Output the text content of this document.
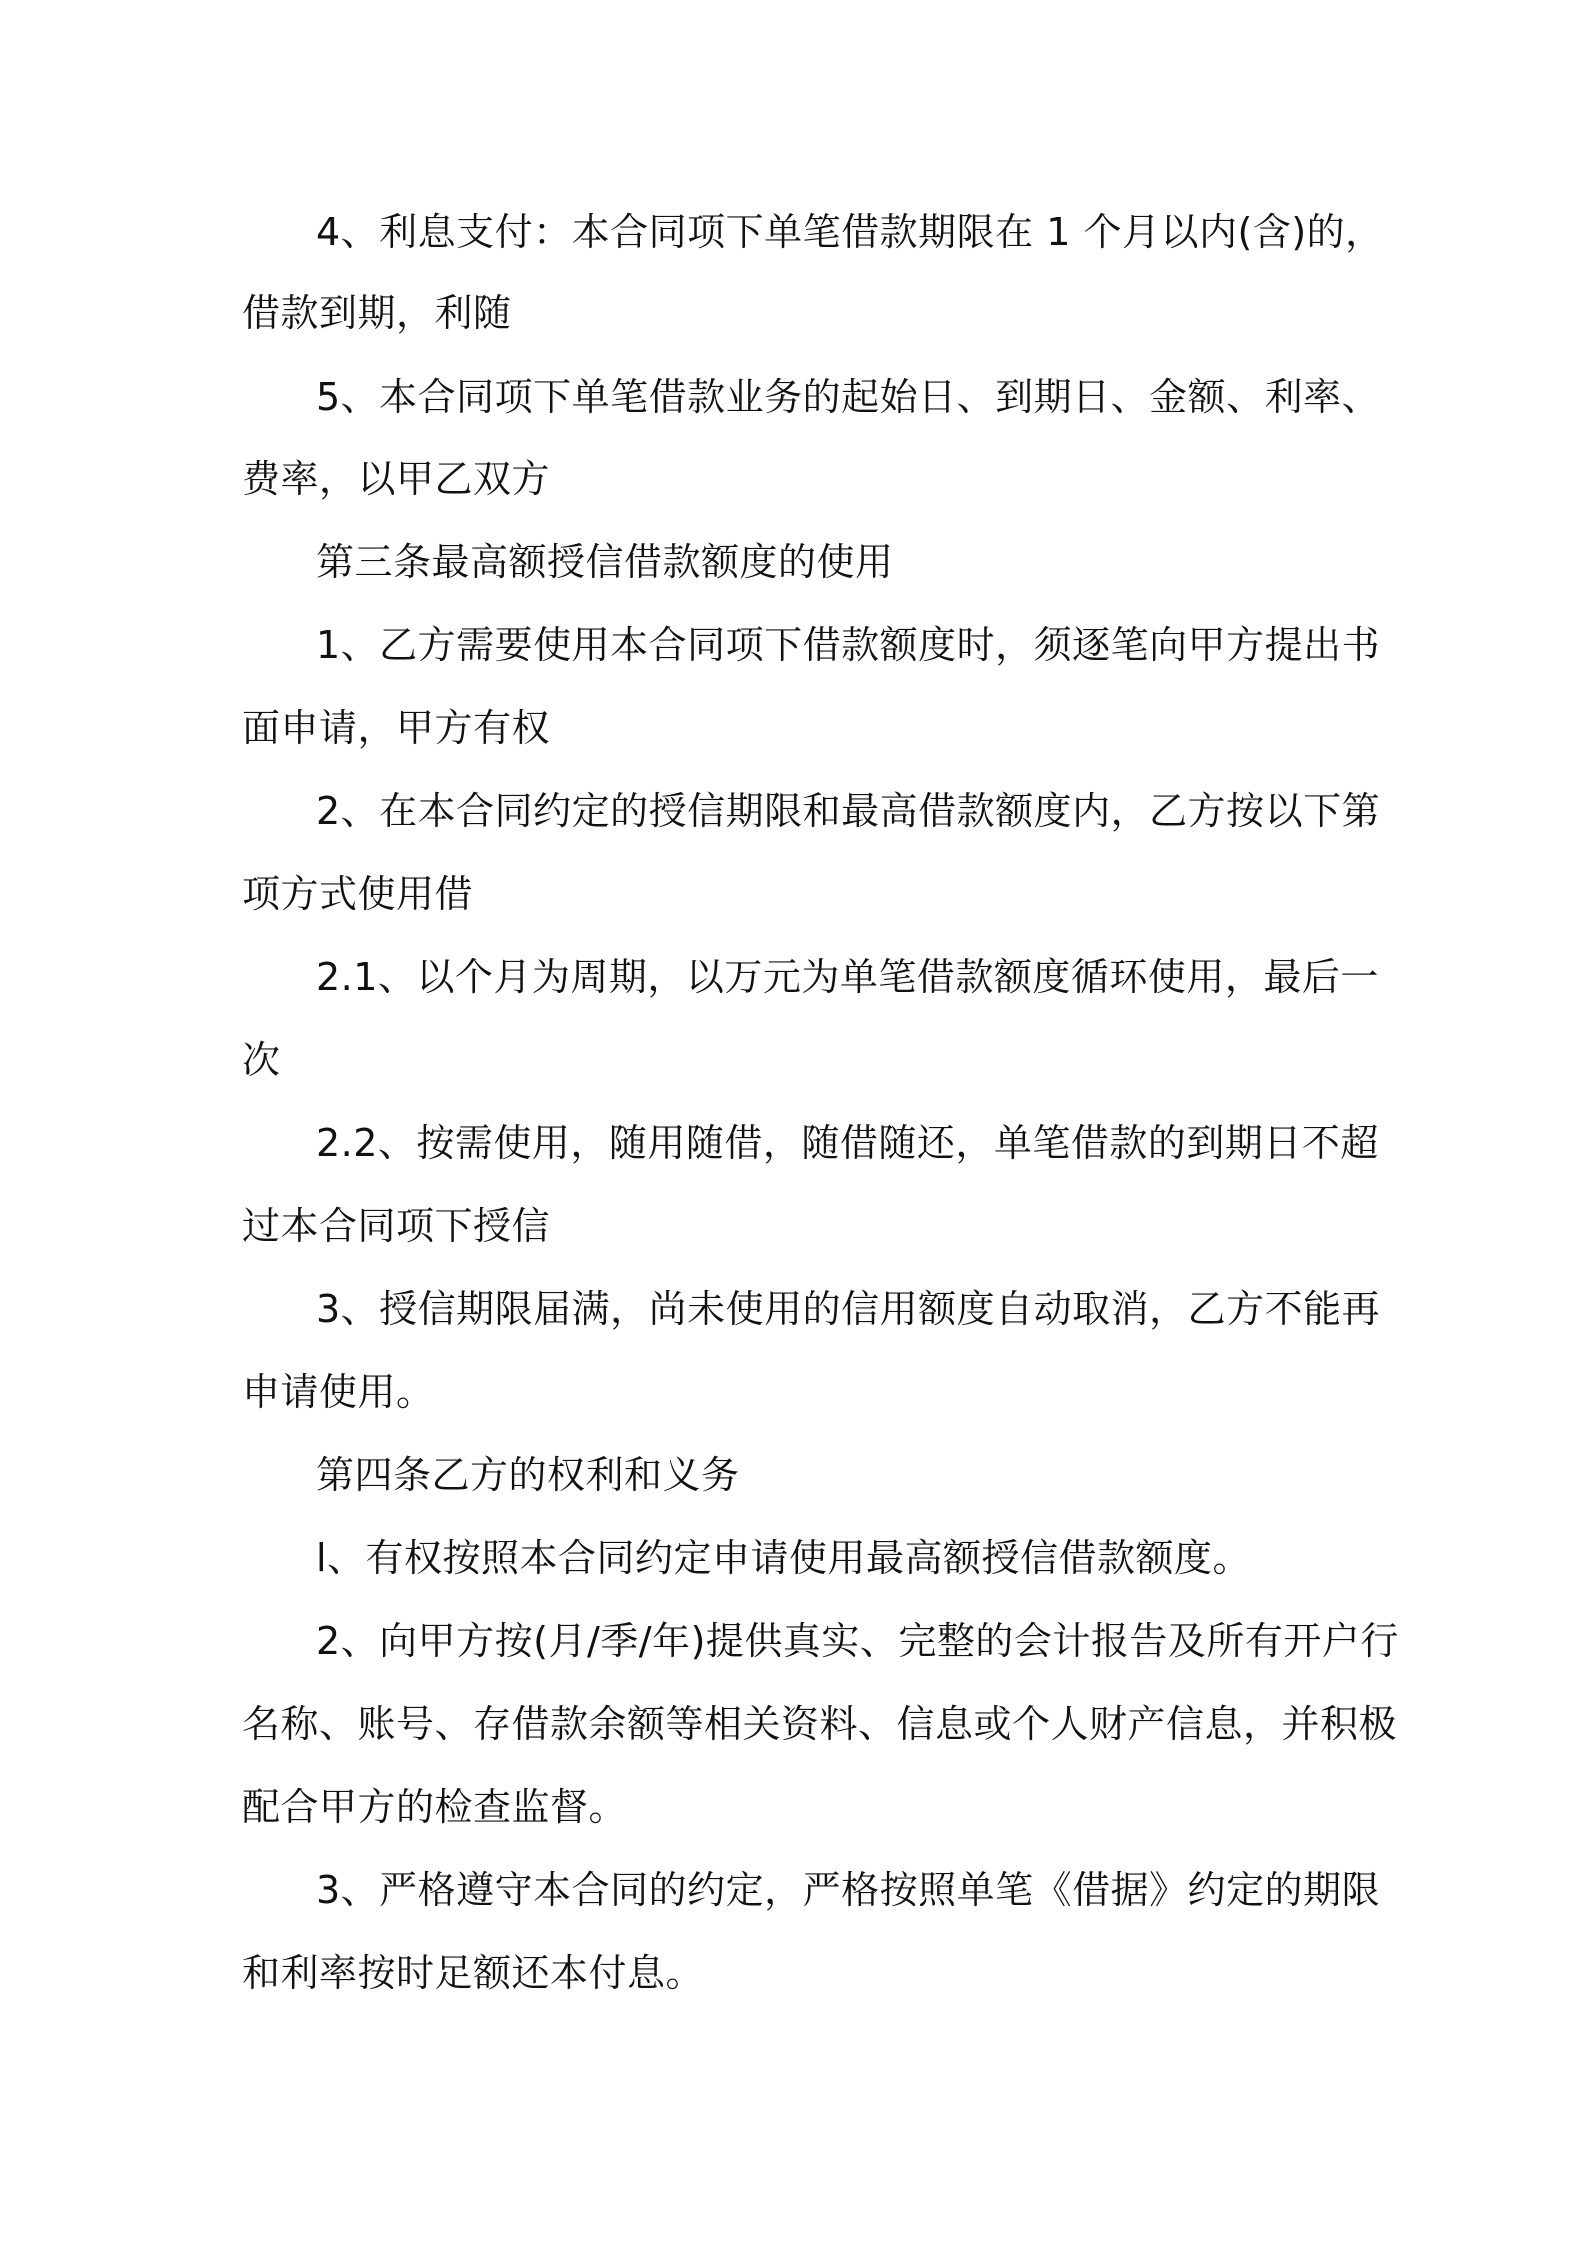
4、利息支付：本合同项下单笔借款期限在 1 个月以内(含)的，

借款到期，利随

5、本合同项下单笔借款业务的起始日、到期日、金额、利率、

费率，以甲乙双方

第三条最高额授信借款额度的使用

1、乙方需要使用本合同项下借款额度时，须逐笔向甲方提出书

面申请，甲方有权

2、在本合同约定的授信期限和最高借款额度内，乙方按以下第

项方式使用借

2.1、以个月为周期，以万元为单笔借款额度循环使用，最后一

次

2.2、按需使用，随用随借，随借随还，单笔借款的到期日不超

过本合同项下授信

3、授信期限届满，尚未使用的信用额度自动取消，乙方不能再

申请使用。

第四条乙方的权利和义务

l、有权按照本合同约定申请使用最高额授信借款额度。

2、向甲方按(月/季/年)提供真实、完整的会计报告及所有开户行

名称、账号、存借款余额等相关资料、信息或个人财产信息，并积极

配合甲方的检查监督。

3、严格遵守本合同的约定，严格按照单笔《借据》约定的期限

和利率按时足额还本付息。
